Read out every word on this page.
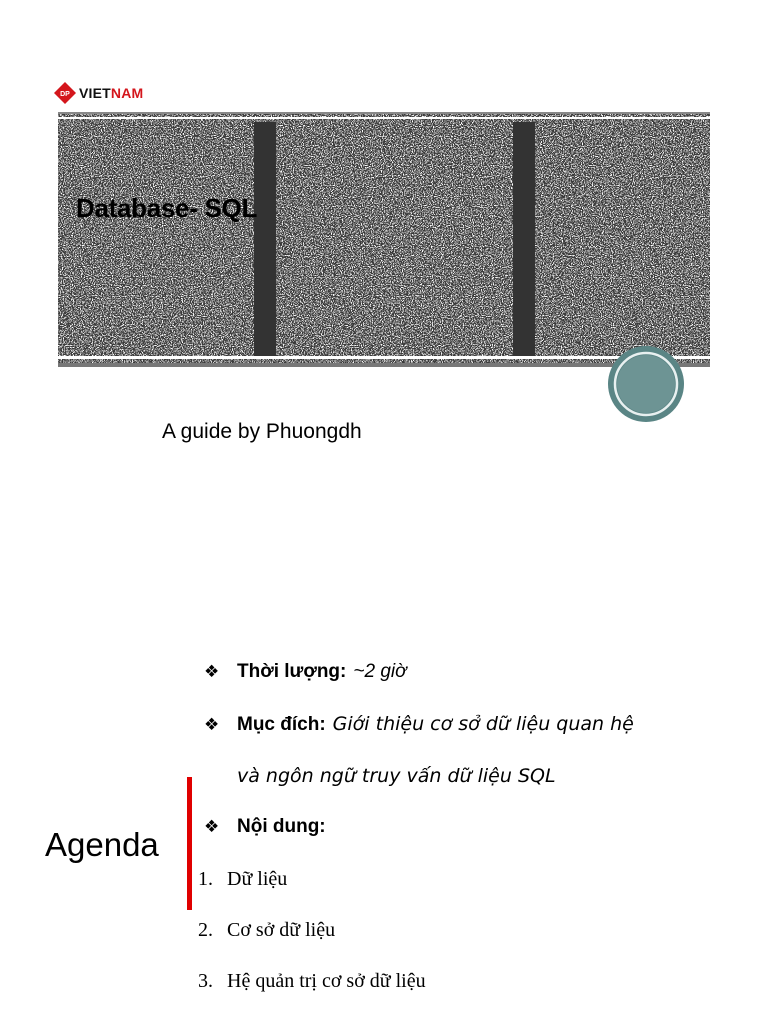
DP VIETNAM
Database- SQL
A guide by Phuongdh
Agenda
❖ Thời lượng: ~2 giờ
❖ Mục đích: Giới thiệu cơ sở dữ liệu quan hệ
và ngôn ngữ truy vấn dữ liệu SQL
❖ Nội dung:
1. Dữ liệu
2. Cơ sở dữ liệu
3. Hệ quản trị cơ sở dữ liệu
